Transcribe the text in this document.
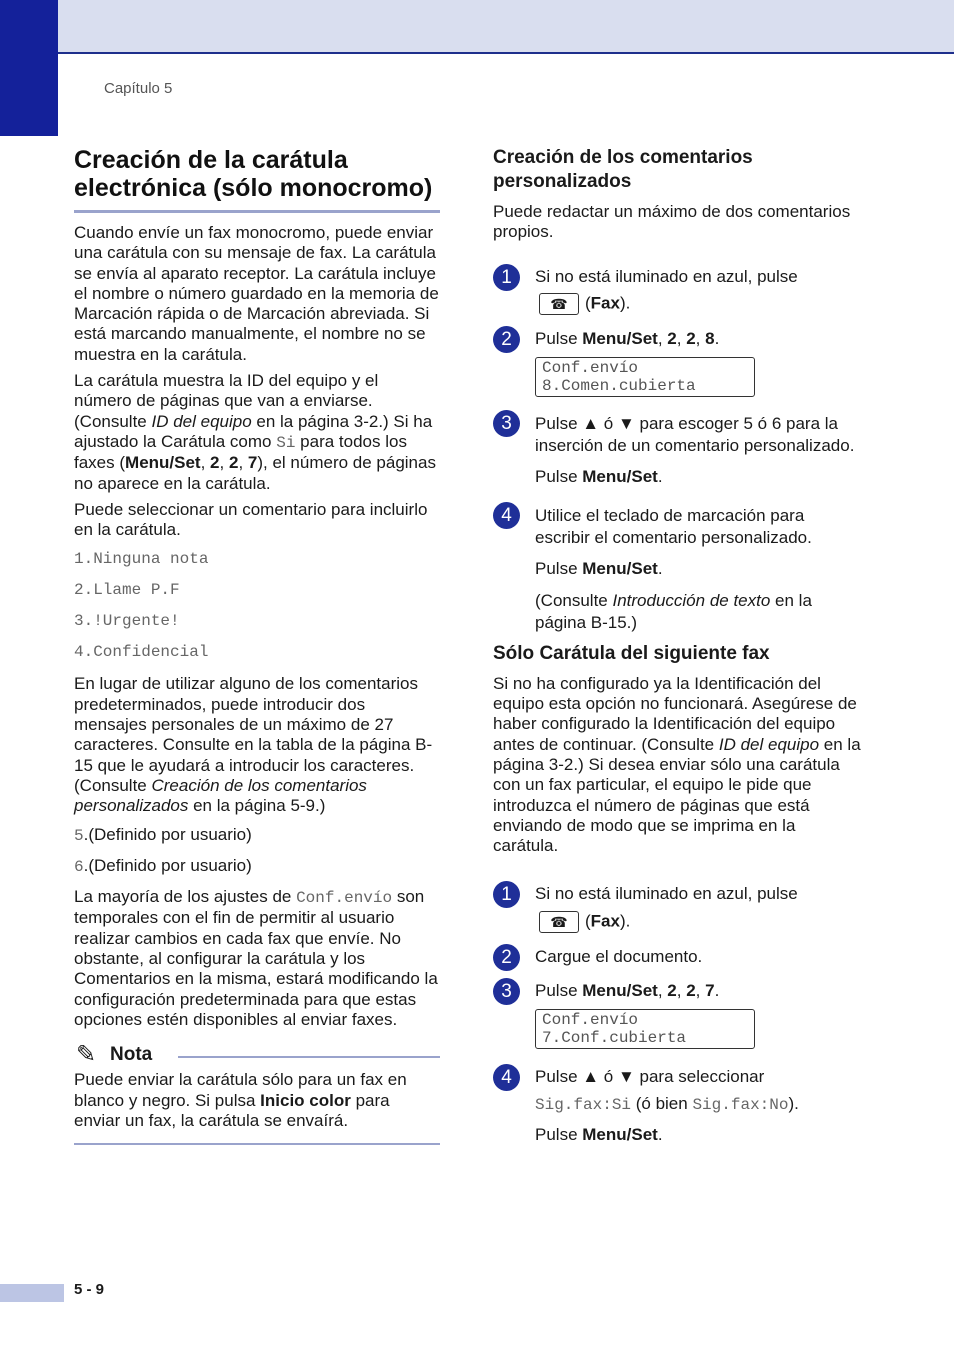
Capítulo 5
Creación de la carátula electrónica (sólo monocromo)

Cuando envíe un fax monocromo, puede enviar una carátula con su mensaje de fax. La carátula se envía al aparato receptor. La carátula incluye el nombre o número guardado en la memoria de Marcación rápida o de Marcación abreviada. Si está marcando manualmente, el nombre no se muestra en la carátula.

La carátula muestra la ID del equipo y el número de páginas que van a enviarse. (Consulte ID del equipo en la página 3-2.) Si ha ajustado la Carátula como Si para todos los faxes (Menu/Set, 2, 2, 7), el número de páginas no aparece en la carátula.

Puede seleccionar un comentario para incluirlo en la carátula.

1.Ninguna nota
2.Llame P.F
3.!Urgente!
4.Confidencial

En lugar de utilizar alguno de los comentarios predeterminados, puede introducir dos mensajes personales de un máximo de 27 caracteres. Consulte en la tabla de la página B-15 que le ayudará a introducir los caracteres. (Consulte Creación de los comentarios personalizados en la página 5-9.)

5.(Definido por usuario)

6.(Definido por usuario)

La mayoría de los ajustes de Conf.envío son temporales con el fin de permitir al usuario realizar cambios en cada fax que envíe. No obstante, al configurar la carátula y los Comentarios en la misma, estará modificando la configuración predeterminada para que estas opciones estén disponibles al enviar faxes.

✎ Nota

Puede enviar la carátula sólo para un fax en blanco y negro. Si pulsa Inicio color para enviar un fax, la carátula se envaírá.

Creación de los comentarios personalizados

Puede redactar un máximo de dos comentarios propios.

1	Si no está iluminado en azul, pulse

☎ (Fax).

2	Pulse Menu/Set, 2, 2, 8.

Conf.envío
8.Comen.cubierta
3	Pulse ▲ ó ▼ para escoger 5 ó 6 para la inserción de un comentario personalizado.

Pulse Menu/Set.

4	Utilice el teclado de marcación para escribir el comentario personalizado.

Pulse Menu/Set.

(Consulte Introducción de texto en la página B-15.)

Sólo Carátula del siguiente fax

Si no ha configurado ya la Identificación del equipo esta opción no funcionará. Asegúrese de haber configurado la Identificación del equipo antes de continuar. (Consulte ID del equipo en la página 3-2.) Si desea enviar sólo una carátula con un fax particular, el equipo le pide que introduzca el número de páginas que está enviando de modo que se imprima en la carátula.

1	Si no está iluminado en azul, pulse

☎ (Fax).

2	Cargue el documento.

3	Pulse Menu/Set, 2, 2, 7.

Conf.envío
7.Conf.cubierta
4	Pulse ▲ ó ▼ para seleccionar

Sig.fax:Si (ó bien Sig.fax:No).

Pulse Menu/Set.

5 - 9
